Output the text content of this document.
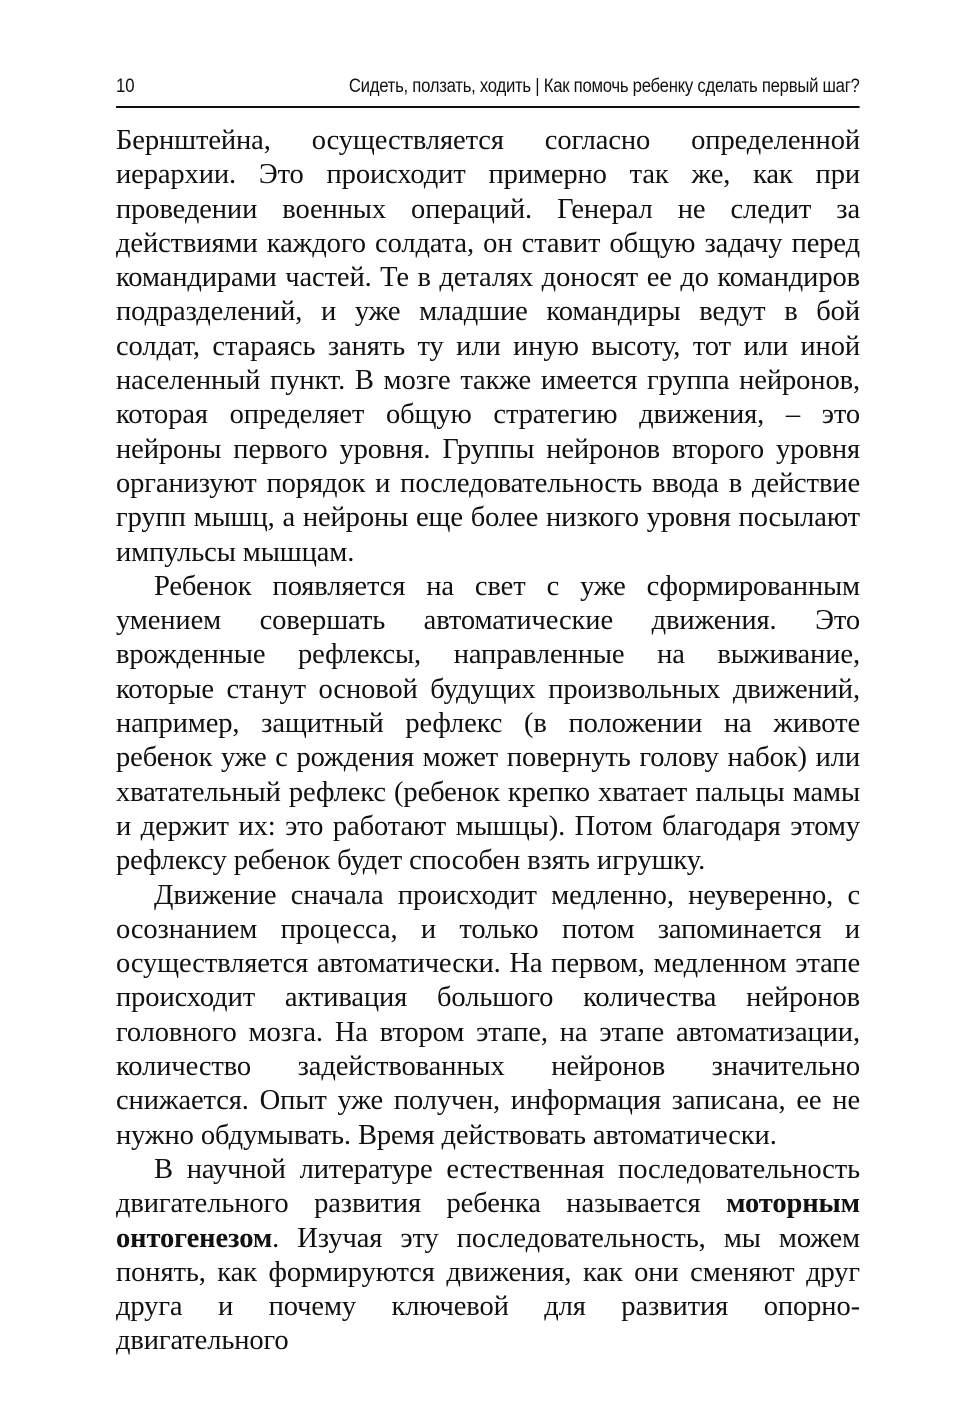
10	Сидеть, ползать, ходить | Как помочь ребенку сделать первый шаг?

Бернштейна, осуществляется согласно определенной иерархии. Это происходит примерно так же, как при проведении военных операций. Генерал не следит за действиями каждого солдата, он ставит общую задачу перед командирами частей. Те в деталях доносят ее до командиров подразделений, и уже младшие командиры ведут в бой солдат, стараясь занять ту или иную высоту, тот или иной населенный пункт. В мозге также имеется группа нейронов, которая определяет общую стратегию движения, – это нейроны первого уровня. Группы нейронов второго уровня организуют порядок и последовательность ввода в действие групп мышц, а нейроны еще более низкого уровня посылают импульсы мышцам.

Ребенок появляется на свет с уже сформированным умением совершать автоматические движения. Это врожденные рефлексы, направленные на выживание, которые станут основой будущих произвольных движений, например, защитный рефлекс (в положении на животе ребенок уже с рождения может повернуть голову набок) или хватательный рефлекс (ребенок крепко хватает пальцы мамы и держит их: это работают мышцы). Потом благодаря этому рефлексу ребенок будет способен взять игрушку.

Движение сначала происходит медленно, неуверенно, с осознанием процесса, и только потом запоминается и осуществляется автоматически. На первом, медленном этапе происходит активация большого количества нейронов головного мозга. На втором этапе, на этапе автоматизации, количество задействованных нейронов значительно снижается. Опыт уже получен, информация записана, ее не нужно обдумывать. Время действовать автоматически.

В научной литературе естественная последовательность двигательного развития ребенка называется моторным онтогенезом. Изучая эту последовательность, мы можем понять, как формируются движения, как они сменяют друг друга и почему ключевой для развития опорно-двигательного
